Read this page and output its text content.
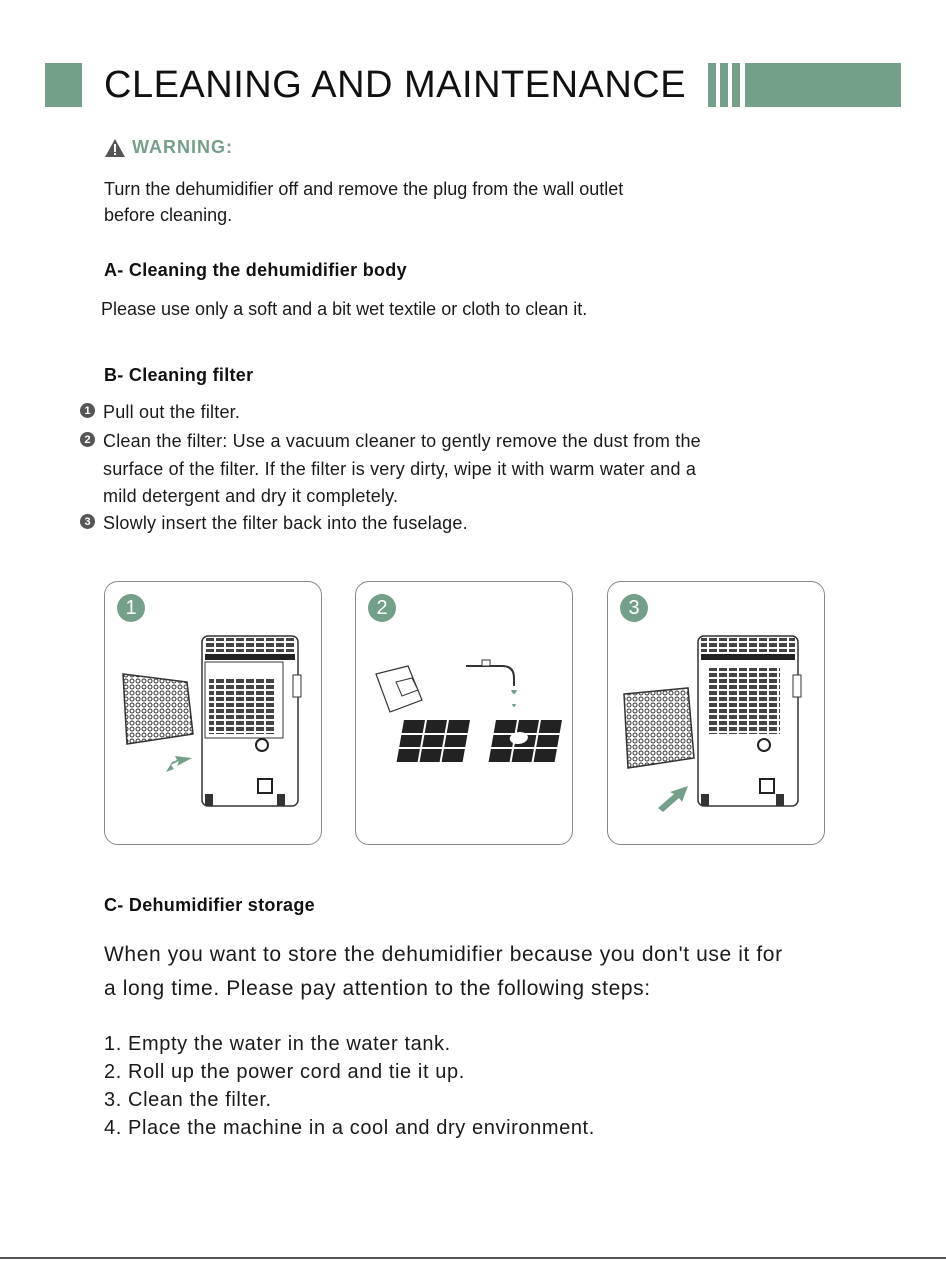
CLEANING AND MAINTENANCE
WARNING:
Turn the dehumidifier off and remove the plug from the wall outlet
before cleaning.
A- Cleaning the dehumidifier body
Please use only a soft and a bit wet textile or cloth to clean it.
B- Cleaning filter
1 Pull out the filter.
2 Clean the filter: Use a vacuum cleaner to gently remove the dust from the
surface of the filter. If the filter is very dirty, wipe it with warm water and a
mild detergent and dry it completely.
3 Slowly insert the filter back into the fuselage.
1	2	3
C- Dehumidifier storage
When you want to store the dehumidifier because you don't use it for
a long time. Please pay attention to the following steps:
1. Empty the water in the water tank.
2. Roll up the power cord and tie it up.
3. Clean the filter.
4. Place the machine in a cool and dry environment.
